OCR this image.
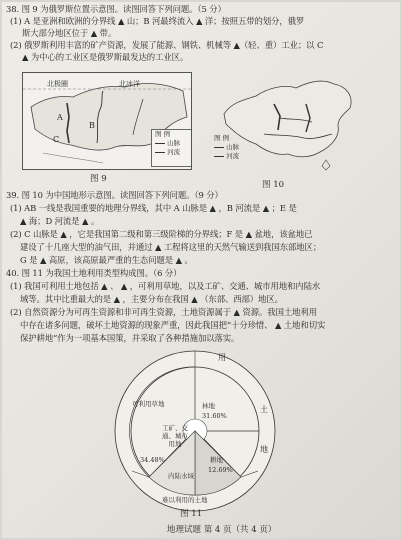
38. 图 9 为俄罗斯位置示意图。读图回答下列问题。（5 分）
(1) A 是亚洲和欧洲的分界线 ▲ 山；B 河最终流入 ▲ 洋；按照五带的划分，俄罗
斯大部分地区位于 ▲ 带。
(2) 俄罗斯利用丰富的矿产资源，发展了能源、钢铁、机械等 ▲（轻、重）工业；以 C
▲ 为中心的工业区是俄罗斯最发达的工业区。
北极圈	北冰洋
A
B
C
图 例
山脉
河流
图 9
图 例
山脉
河流
图 10
39. 图 10 为中国地形示意图。读图回答下列问题。（9 分）
(1) AB 一线是我国重要的地理分界线，其中 A 山脉是 ▲ ，B 河流是 ▲ ；E 是
▲ 海；D 河流是 ▲ 。
(2) C 山脉是 ▲ ，它是我国第二级和第三级阶梯的分界线；F 是 ▲ 盆地，该盆地已
建设了十几座大型的油气田，并通过 ▲ 工程将这里的天然气输送到我国东部地区；
G 是 ▲ 高原，该高原最严重的生态问题是 ▲ 。
40. 图 11 为我国土地利用类型构成图。（6 分）
(1) 我国可利用土地包括 ▲ 、 ▲ ，可利用草地，以及工矿、交通、城市用地和内陆水
域等。其中比重最大的是 ▲ ，主要分布在我国 ▲ （东部、西部）地区。
(2) 自然资源分为可再生资源和非可再生资源，土地资源属于 ▲ 资源。我国土地利用
中存在诸多问题，破坏土地资源的现象严重，因此我国把“十分珍惜、 ▲ 土地和切实
保护耕地”作为一项基本国策，并采取了各种措施加以落实。
用
土
地
可利用草地
34.48%
林地
31.60%
耕地
12.69%
工矿、交通、城市用地
内陆水域
难以利用的土地
图 11
地理试题 第 4 页（共 4 页）
